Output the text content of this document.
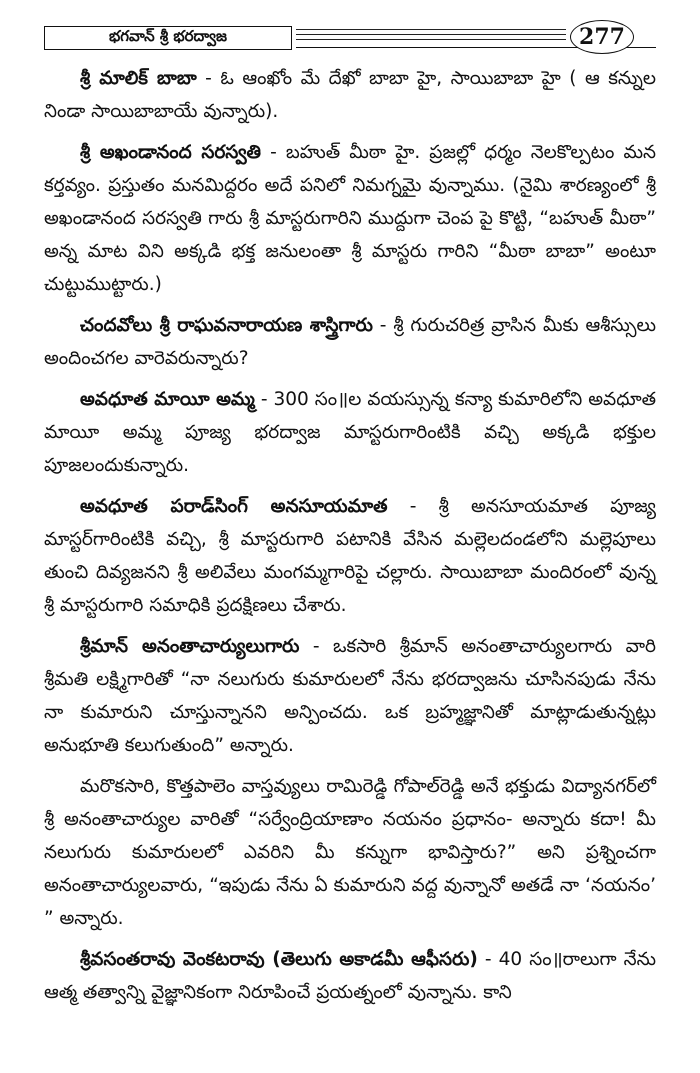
భగవాన్ శ్రీ భరద్వాజ	277

శ్రీ మాలిక్ బాబా - ఓ ఆంఖోం మే దేఖో బాబా హై, సాయిబాబా హై ( ఆ కన్నుల నిండా సాయిబాబాయే వున్నారు).

శ్రీ అఖండానంద సరస్వతి - బహుత్ మీఠా హై. ప్రజల్లో ధర్మం నెలకొల్పటం మన కర్తవ్యం. ప్రస్తుతం మనమిద్దరం అదే పనిలో నిమగ్నమై వున్నాము. (నైమి శారణ్యంలో శ్రీ అఖండానంద సరస్వతి గారు శ్రీ మాస్టరుగారిని ముద్దుగా చెంప పై కొట్టి, “బహుత్ మీఠా” అన్న మాట విని అక్కడి భక్త జనులంతా శ్రీ మాస్టరు గారిని “మీఠా బాబా” అంటూ చుట్టుముట్టారు.)

చందవోలు శ్రీ రాఘవనారాయణ శాస్త్రిగారు - శ్రీ గురుచరిత్ర వ్రాసిన మీకు ఆశీస్సులు అందించగల వారెవరున్నారు?

అవధూత మాయీ అమ్మ - 300 సం॥ల వయస్సున్న కన్యా కుమారిలోని అవధూత మాయీ అమ్మ పూజ్య భరద్వాజ మాస్టరుగారింటికి వచ్చి అక్కడి భక్తుల పూజలందుకున్నారు.

అవధూత పరాడ్‌సింగ్ అనసూయమాత - శ్రీ అనసూయమాత పూజ్య మాస్టర్‌గారింటికి వచ్చి, శ్రీ మాస్టరుగారి పటానికి వేసిన మల్లెలదండలోని మల్లెపూలు తుంచి దివ్యజనని శ్రీ అలివేలు మంగమ్మగారిపై చల్లారు. సాయిబాబా మందిరంలో వున్న శ్రీ మాస్టరుగారి సమాధికి ప్రదక్షిణలు చేశారు.

శ్రీమాన్ అనంతాచార్యులుగారు - ఒకసారి శ్రీమాన్ అనంతాచార్యులగారు వారి శ్రీమతి లక్ష్మిగారితో “నా నలుగురు కుమారులలో నేను భరద్వాజను చూసినపుడు నేను నా కుమారుని చూస్తున్నానని అన్పించదు. ఒక బ్రహ్మజ్ఞానితో మాట్లాడుతున్నట్లు అనుభూతి కలుగుతుంది” అన్నారు.

మరొకసారి, కొత్తపాలెం వాస్తవ్యులు రామిరెడ్డి గోపాల్‌రెడ్డి అనే భక్తుడు విద్యానగర్‌లో శ్రీ అనంతాచార్యుల వారితో “సర్వేంద్రియాణాం నయనం ప్రధానం- అన్నారు కదా! మీ నలుగురు కుమారులలో ఎవరిని మీ కన్నుగా భావిస్తారు?” అని ప్రశ్నించగా అనంతాచార్యులవారు, “ఇపుడు నేను ఏ కుమారుని వద్ద వున్నానో అతడే నా ‘నయనం’ ” అన్నారు.

శ్రీవసంతరావు వెంకటరావు (తెలుగు అకాడమీ ఆఫీసరు) - 40 సం॥రాలుగా నేను ఆత్మ తత్వాన్ని వైజ్ఞానికంగా నిరూపించే ప్రయత్నంలో వున్నాను. కాని
